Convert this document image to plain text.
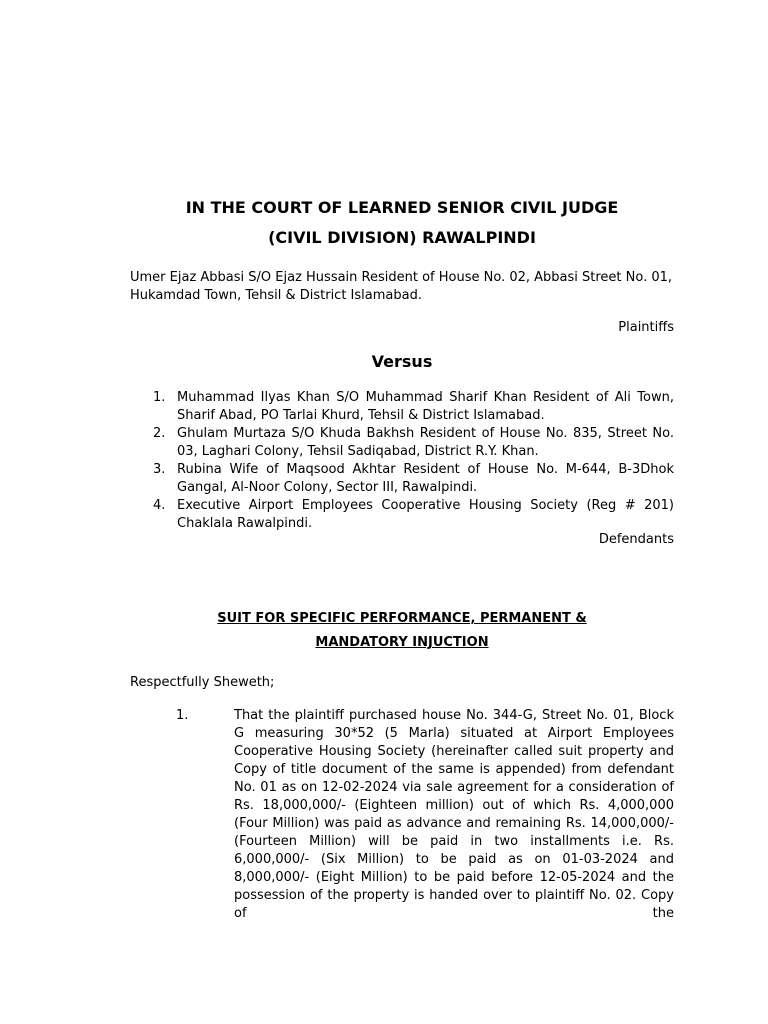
IN THE COURT OF LEARNED SENIOR CIVIL JUDGE
(CIVIL DIVISION) RAWALPINDI
Umer Ejaz Abbasi S/O Ejaz Hussain Resident of House No. 02, Abbasi Street No. 01, Hukamdad Town, Tehsil & District Islamabad.
Plaintiffs
Versus
1. Muhammad Ilyas Khan S/O Muhammad Sharif Khan Resident of Ali Town, Sharif Abad, PO Tarlai Khurd, Tehsil & District Islamabad.
2. Ghulam Murtaza S/O Khuda Bakhsh Resident of House No. 835, Street No. 03, Laghari Colony, Tehsil Sadiqabad, District R.Y. Khan.
3. Rubina Wife of Maqsood Akhtar Resident of House No. M-644, B-3Dhok Gangal, Al-Noor Colony, Sector III, Rawalpindi.
4. Executive Airport Employees Cooperative Housing Society (Reg # 201) Chaklala Rawalpindi.
Defendants
SUIT FOR SPECIFIC PERFORMANCE, PERMANENT &
MANDATORY INJUCTION
Respectfully Sheweth;
1.	That the plaintiff purchased house No. 344-G, Street No. 01, Block G measuring 30*52 (5 Marla) situated at Airport Employees Cooperative Housing Society (hereinafter called suit property and Copy of title document of the same is appended) from defendant No. 01 as on 12-02-2024 via sale agreement for a consideration of Rs. 18,000,000/- (Eighteen million) out of which Rs. 4,000,000 (Four Million) was paid as advance and remaining Rs. 14,000,000/- (Fourteen Million) will be paid in two installments i.e. Rs. 6,000,000/- (Six Million) to be paid as on 01-03-2024 and 8,000,000/- (Eight Million) to be paid before 12-05-2024 and the possession of the property is handed over to plaintiff No. 02. Copy of the
